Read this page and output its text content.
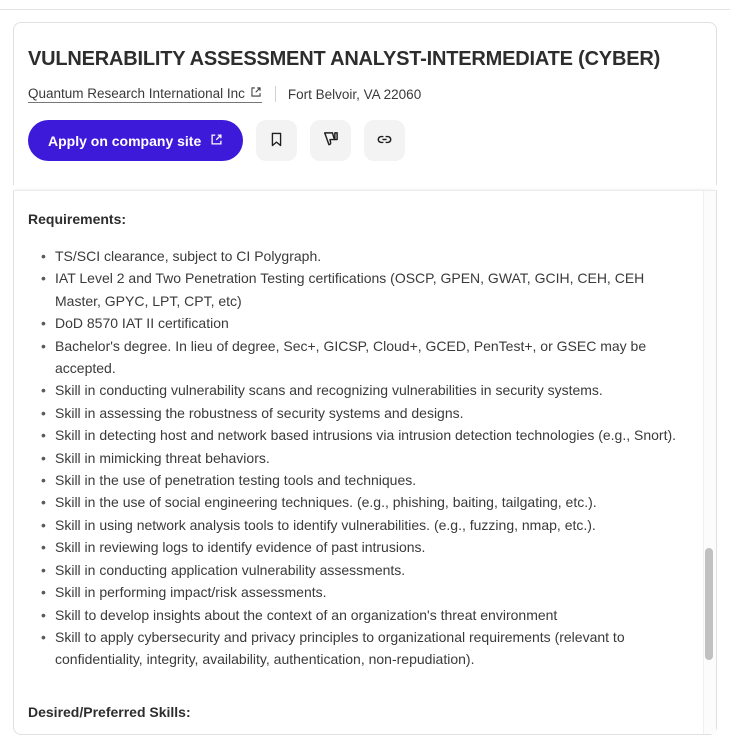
VULNERABILITY ASSESSMENT ANALYST-INTERMEDIATE (CYBER)
Quantum Research International Inc	Fort Belvoir, VA 22060
Apply on company site
Requirements:
• TS/SCI clearance, subject to CI Polygraph.
• IAT Level 2 and Two Penetration Testing certifications (OSCP, GPEN, GWAT, GCIH, CEH, CEH Master, GPYC, LPT, CPT, etc)
• DoD 8570 IAT II certification
• Bachelor's degree. In lieu of degree, Sec+, GICSP, Cloud+, GCED, PenTest+, or GSEC may be accepted.
• Skill in conducting vulnerability scans and recognizing vulnerabilities in security systems.
• Skill in assessing the robustness of security systems and designs.
• Skill in detecting host and network based intrusions via intrusion detection technologies (e.g., Snort).
• Skill in mimicking threat behaviors.
• Skill in the use of penetration testing tools and techniques.
• Skill in the use of social engineering techniques. (e.g., phishing, baiting, tailgating, etc.).
• Skill in using network analysis tools to identify vulnerabilities. (e.g., fuzzing, nmap, etc.).
• Skill in reviewing logs to identify evidence of past intrusions.
• Skill in conducting application vulnerability assessments.
• Skill in performing impact/risk assessments.
• Skill to develop insights about the context of an organization's threat environment
• Skill to apply cybersecurity and privacy principles to organizational requirements (relevant to confidentiality, integrity, availability, authentication, non-repudiation).
Desired/Preferred Skills:
